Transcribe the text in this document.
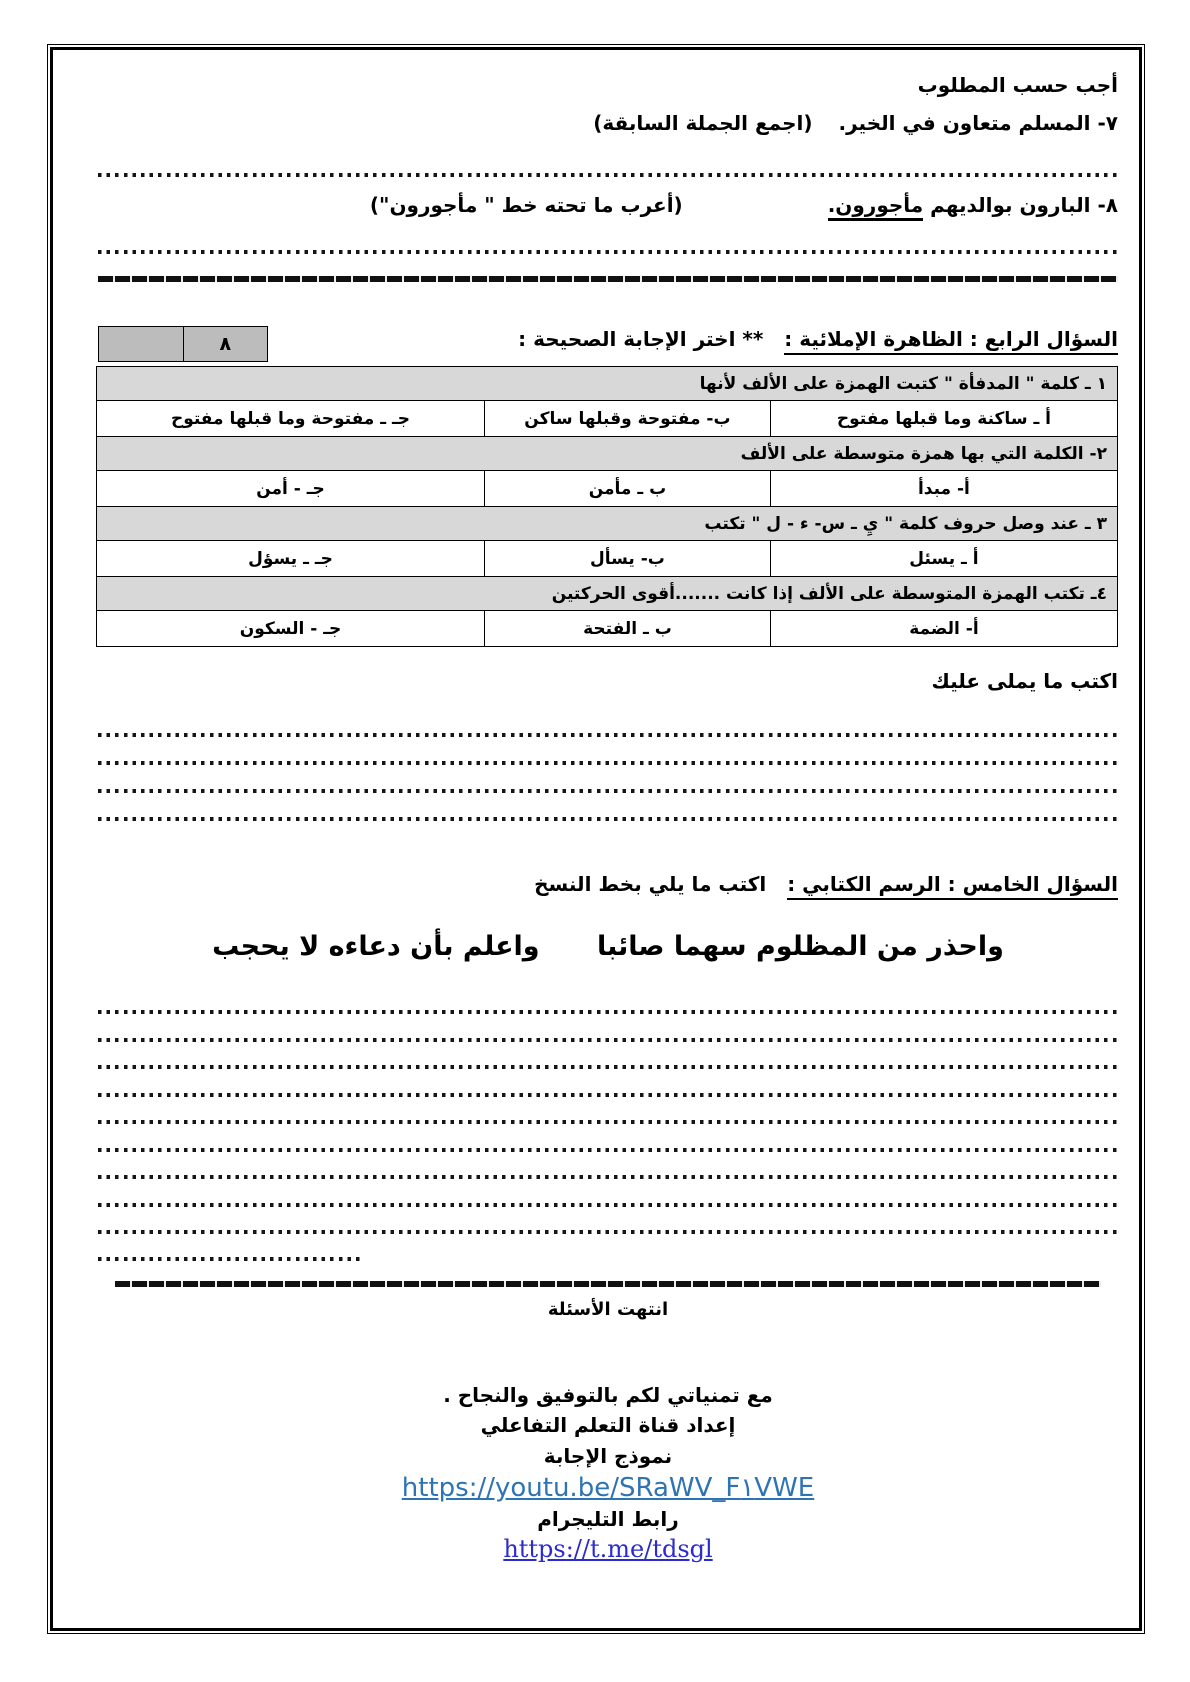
أجب حسب المطلوب
٧- المسلم متعاون في الخير.
(اجمع الجملة السابقة)
٨- البارون بوالديهم مأجورون.
(أعرب ما تحته خط " مأجورون")
السؤال الرابع : الظاهرة الإملائية : ** اختر الإجابة الصحيحة :
٨
١ ـ كلمة " المدفأة " كتبت الهمزة على الألف لأنها		
أ ـ ساكنة وما قبلها مفتوح	ب- مفتوحة وقبلها ساكن	جـ ـ مفتوحة وما قبلها مفتوح
٢- الكلمة التي بها همزة متوسطة على الألف		
أ- مبدأ	ب ـ مأمن	جـ - أمن
٣ ـ عند وصل حروف كلمة " يِ ـ س- ء - ل " تكتب		
أ ـ يسئل	ب- يسأل	جـ ـ يسؤل
٤ـ تكتب الهمزة المتوسطة على الألف إذا كانت .......أقوى الحركتين		
أ- الضمة	ب ـ الفتحة	جـ - السكون
اكتب ما يملى عليك
السؤال الخامس : الرسم الكتابي : اكتب ما يلي بخط النسخ
واحذر من المظلوم سهما صائبا واعلم بأن دعاءه لا يحجب
انتهت الأسئلة
مع تمنياتي لكم بالتوفيق والنجاح .
إعداد قناة التعلم التفاعلي
نموذج الإجابة
https://youtu.be/SRaWV_F١VWE
رابط التليجرام
https://t.me/tdsgl
